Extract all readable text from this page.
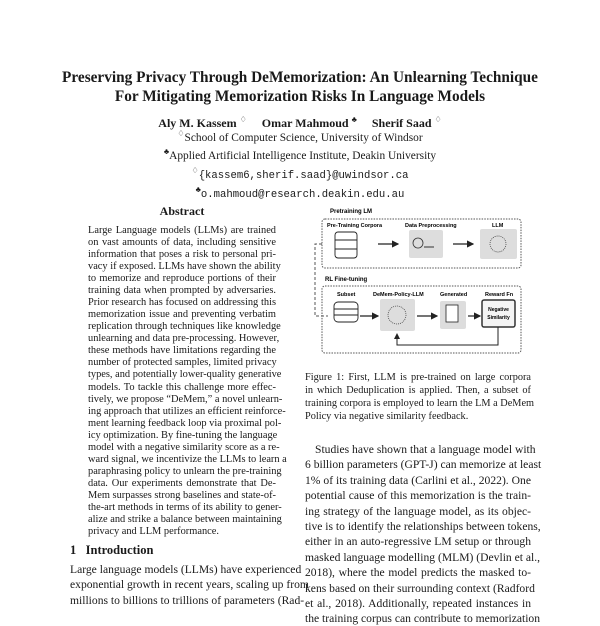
Preserving Privacy Through DeMemorization: An Unlearning Technique
For Mitigating Memorization Risks In Language Models
Aly M. Kassem ♢ Omar Mahmoud ♣ Sherif Saad ♢
♢School of Computer Science, University of Windsor
♣Applied Artificial Intelligence Institute, Deakin University
♢{kassem6,sherif.saad}@uwindsor.ca
♣o.mahmoud@research.deakin.edu.au
Abstract
Large Language models (LLMs) are trained
on vast amounts of data, including sensitive
information that poses a risk to personal pri-
vacy if exposed. LLMs have shown the ability
to memorize and reproduce portions of their
training data when prompted by adversaries.
Prior research has focused on addressing this
memorization issue and preventing verbatim
replication through techniques like knowledge
unlearning and data pre-processing. However,
these methods have limitations regarding the
number of protected samples, limited privacy
types, and potentially lower-quality generative
models. To tackle this challenge more effec-
tively, we propose “DeMem,” a novel unlearn-
ing approach that utilizes an efficient reinforce-
ment learning feedback loop via proximal pol-
icy optimization. By fine-tuning the language
model with a negative similarity score as a re-
ward signal, we incentivize the LLMs to learn a
paraphrasing policy to unlearn the pre-training
data. Our experiments demonstrate that De-
Mem surpasses strong baselines and state-of-
the-art methods in terms of its ability to gener-
alize and strike a balance between maintaining
privacy and LLM performance.
1 Introduction
Large language models (LLMs) have experienced
exponential growth in recent years, scaling up from
millions to billions to trillions of parameters (Rad-
Pretraining LM
Pre-Training Corpora	Data Preprocessing	LLM
RL Fine-tuning
Subset	DeMem-Policy-LLM	Generated	Reward Fn
Negative
Similarity
Figure 1: First, LLM is pre-trained on large corpora
in which Deduplication is applied. Then, a subset of
training corpora is employed to learn the LM a DeMem
Policy via negative similarity feedback.
Studies have shown that a language model with
6 billion parameters (GPT-J) can memorize at least
1% of its training data (Carlini et al., 2022). One
potential cause of this memorization is the train-
ing strategy of the language model, as its objec-
tive is to identify the relationships between tokens,
either in an auto-regressive LM setup or through
masked language modelling (MLM) (Devlin et al.,
2018), where the model predicts the masked to-
kens based on their surrounding context (Radford
et al., 2018). Additionally, repeated instances in
the training corpus can contribute to memorization
